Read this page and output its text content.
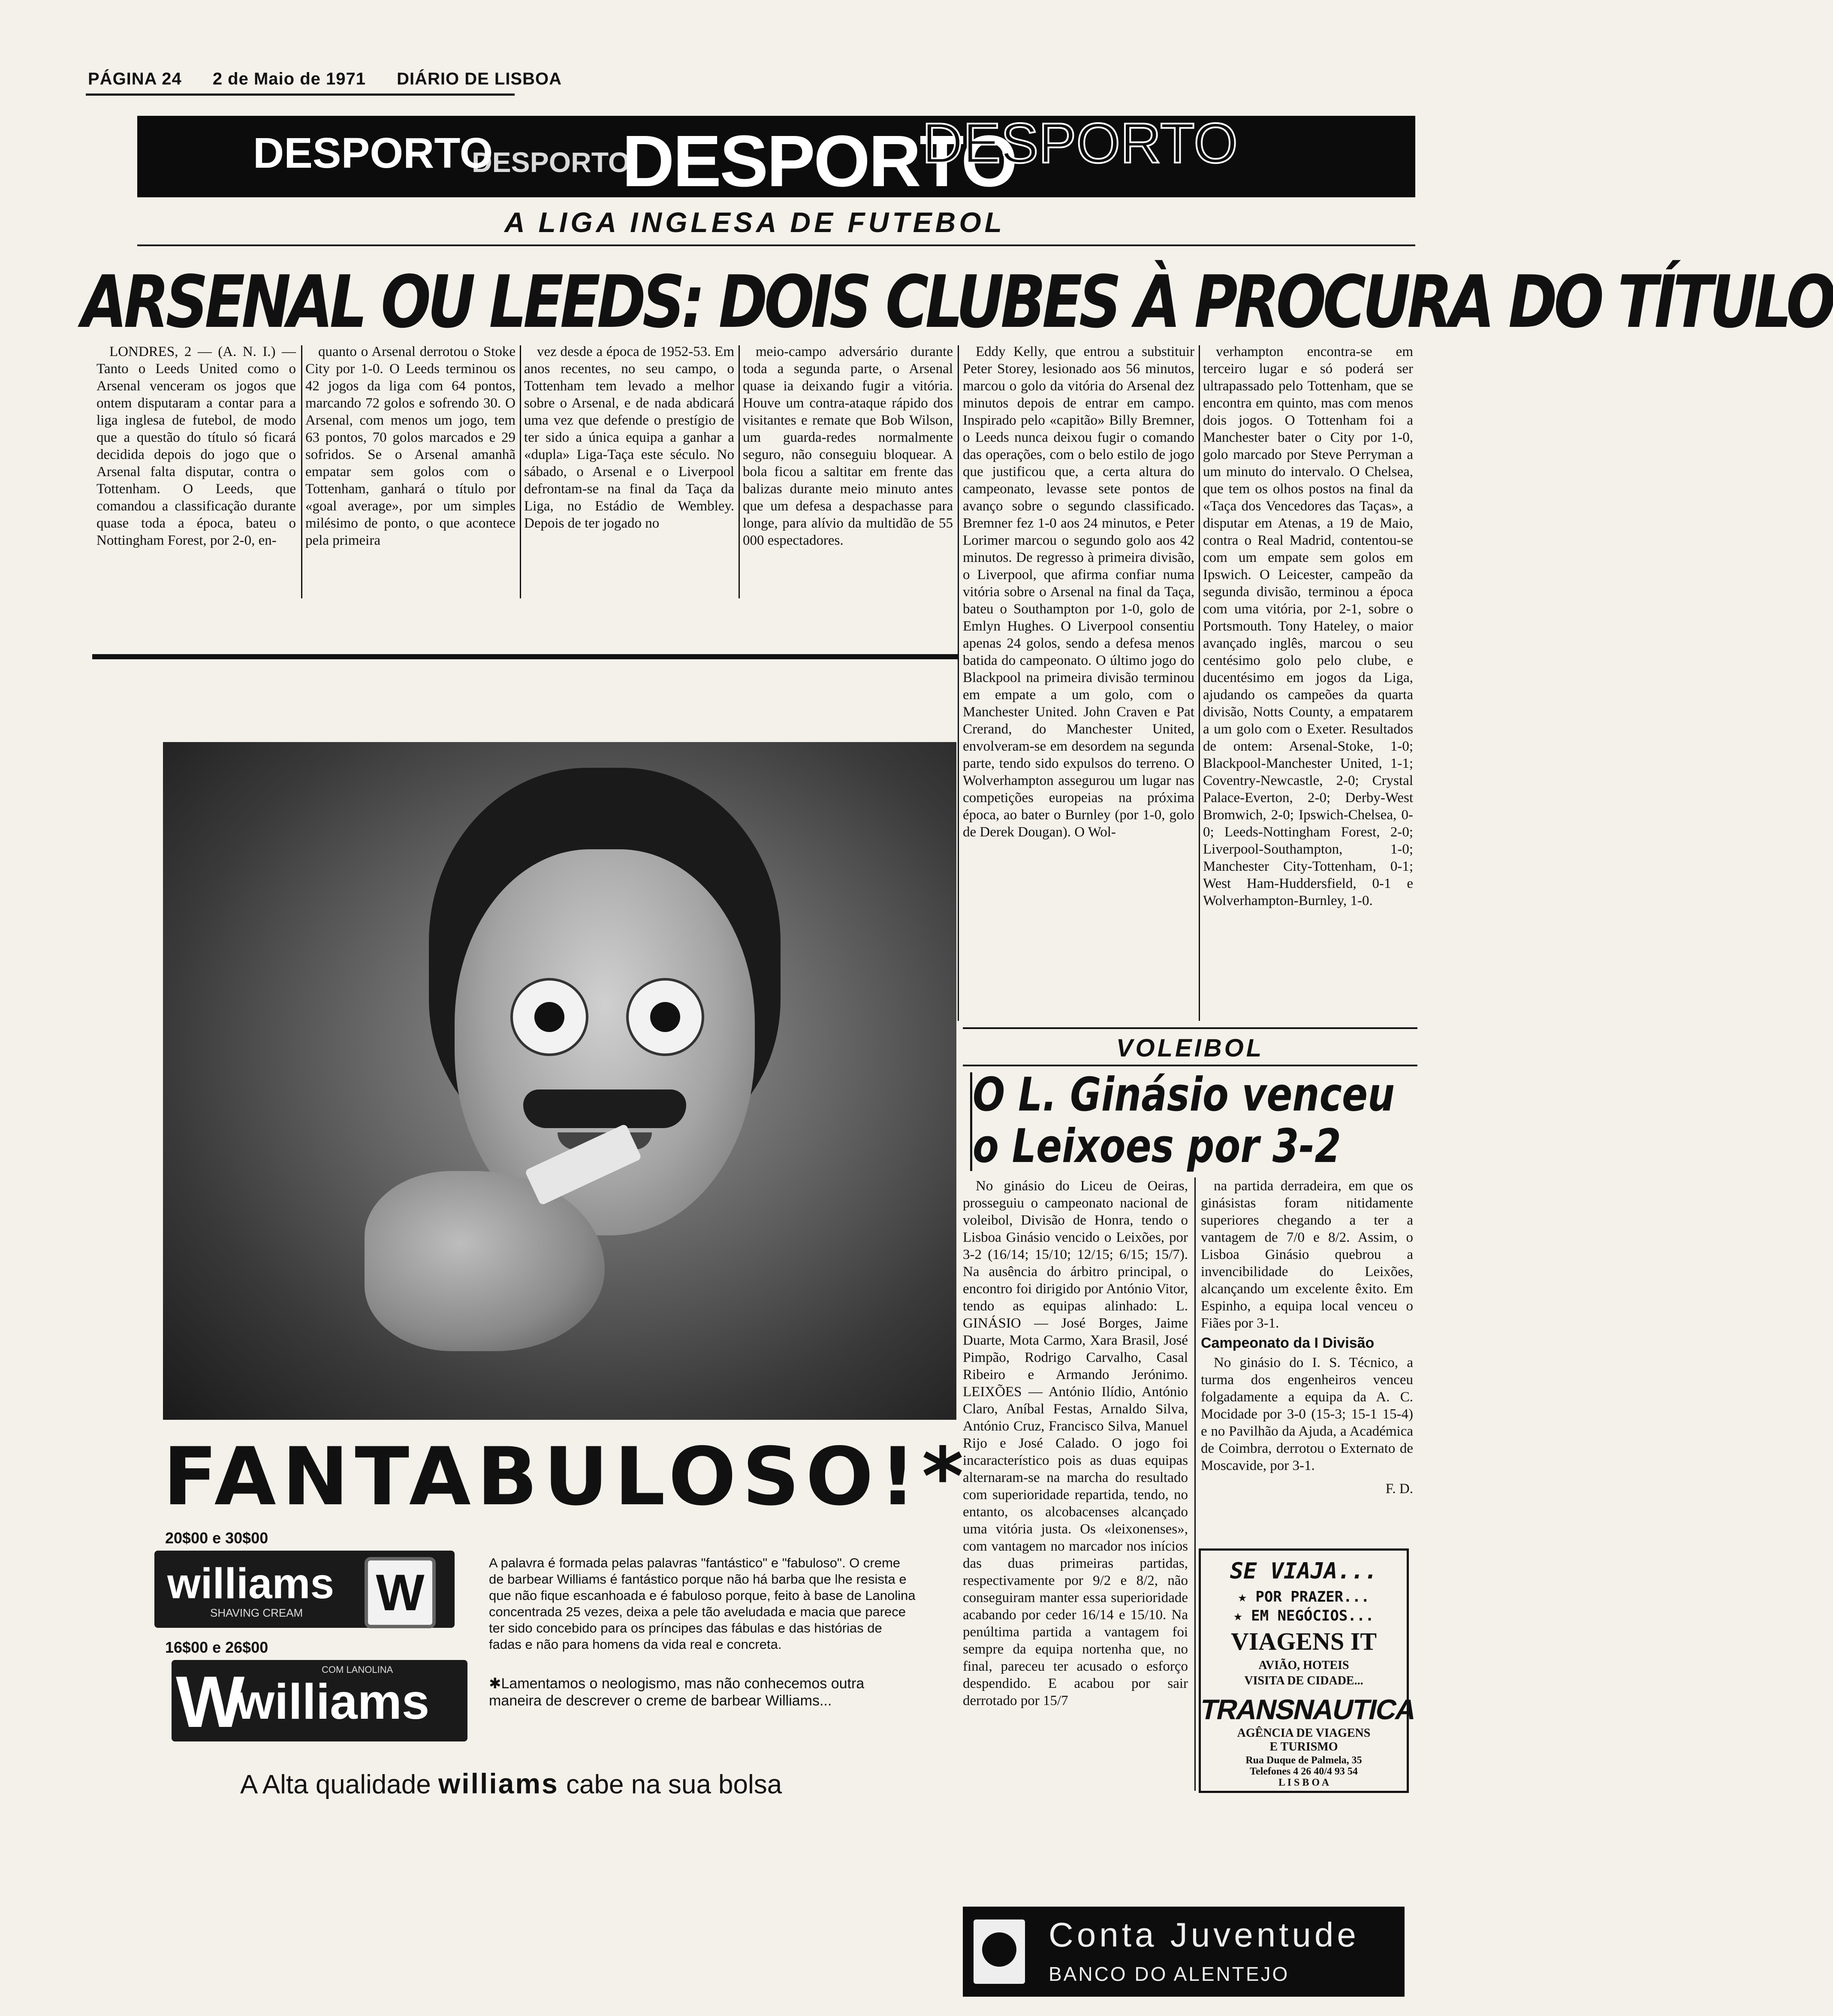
PÁGINA 24 2 de Maio de 1971 DIÁRIO DE LISBOA
DESPORTO
DESPORTO
DESPORTO
DESPORTO
A LIGA INGLESA DE FUTEBOL
ARSENAL OU LEEDS: DOIS CLUBES À PROCURA DO TÍTULO

LONDRES, 2 — (A. N. I.) — Tanto o Leeds United como o Arsenal venceram os jogos que ontem disputaram a contar para a liga inglesa de futebol, de modo que a questão do título só ficará decidida depois do jogo que o Arsenal falta disputar, contra o Tottenham. O Leeds, que comandou a classificação durante quase toda a época, bateu o Nottingham Forest, por 2-0, en-

quanto o Arsenal derrotou o Stoke City por 1-0. O Leeds terminou os 42 jogos da liga com 64 pontos, marcando 72 golos e sofrendo 30. O Arsenal, com menos um jogo, tem 63 pontos, 70 golos marcados e 29 sofridos. Se o Arsenal amanhã empatar sem golos com o Tottenham, ganhará o título por «goal average», por um simples milésimo de ponto, o que acontece pela primeira

vez desde a época de 1952-53. Em anos recentes, no seu campo, o Tottenham tem levado a melhor sobre o Arsenal, e de nada abdicará uma vez que defende o prestígio de ter sido a única equipa a ganhar a «dupla» Liga-Taça este século. No sábado, o Arsenal e o Liverpool defrontam-se na final da Taça da Liga, no Estádio de Wembley. Depois de ter jogado no

meio-campo adversário durante toda a segunda parte, o Arsenal quase ia deixando fugir a vitória. Houve um contra-ataque rápido dos visitantes e remate que Bob Wilson, um guarda-redes normalmente seguro, não conseguiu bloquear. A bola ficou a saltitar em frente das balizas durante meio minuto antes que um defesa a despachasse para longe, para alívio da multidão de 55 000 espectadores.

Eddy Kelly, que entrou a substituir Peter Storey, lesionado aos 56 minutos, marcou o golo da vitória do Arsenal dez minutos depois de entrar em campo. Inspirado pelo «capitão» Billy Bremner, o Leeds nunca deixou fugir o comando das operações, com o belo estilo de jogo que justificou que, a certa altura do campeonato, levasse sete pontos de avanço sobre o segundo classificado. Bremner fez 1-0 aos 24 minutos, e Peter Lorimer marcou o segundo golo aos 42 minutos. De regresso à primeira divisão, o Liverpool, que afirma confiar numa vitória sobre o Arsenal na final da Taça, bateu o Southampton por 1-0, golo de Emlyn Hughes. O Liverpool consentiu apenas 24 golos, sendo a defesa menos batida do campeonato. O último jogo do Blackpool na primeira divisão terminou em empate a um golo, com o Manchester United. John Craven e Pat Crerand, do Manchester United, envolveram-se em desordem na segunda parte, tendo sido expulsos do terreno. O Wolverhampton assegurou um lugar nas competições europeias na próxima época, ao bater o Burnley (por 1-0, golo de Derek Dougan). O Wol-

verhampton encontra-se em terceiro lugar e só poderá ser ultrapassado pelo Tottenham, que se encontra em quinto, mas com menos dois jogos. O Tottenham foi a Manchester bater o City por 1-0, golo marcado por Steve Perryman a um minuto do intervalo. O Chelsea, que tem os olhos postos na final da «Taça dos Vencedores das Taças», a disputar em Atenas, a 19 de Maio, contra o Real Madrid, contentou-se com um empate sem golos em Ipswich. O Leicester, campeão da segunda divisão, terminou a época com uma vitória, por 2-1, sobre o Portsmouth. Tony Hateley, o maior avançado inglês, marcou o seu centésimo golo pelo clube, e ducentésimo em jogos da Liga, ajudando os campeões da quarta divisão, Notts County, a empatarem a um golo com o Exeter. Resultados de ontem: Arsenal-Stoke, 1-0; Blackpool-Manchester United, 1-1; Coventry-Newcastle, 2-0; Crystal Palace-Everton, 2-0; Derby-West Bromwich, 2-0; Ipswich-Chelsea, 0-0; Leeds-Nottingham Forest, 2-0; Liverpool-Southampton, 1-0; Manchester City-Tottenham, 0-1; West Ham-Huddersfield, 0-1 e Wolverhampton-Burnley, 1-0.

FANTABULOSO!*
20$00 e 30$00
williams
SHAVING CREAM W
16$00 e 26$00
W
williams
COM LANOLINA
A palavra é formada pelas palavras "fantástico" e "fabuloso". O creme de barbear Williams é fantástico porque não há barba que lhe resista e que não fique escanhoada e é fabuloso porque, feito à base de Lanolina concentrada 25 vezes, deixa a pele tão aveludada e macia que parece ter sido concebido para os príncipes das fábulas e das histórias de fadas e não para homens da vida real e concreta.
✱Lamentamos o neologismo, mas não conhecemos outra maneira de descrever o creme de barbear Williams...
A Alta qualidade williams cabe na sua bolsa
VOLEIBOL
O L. Ginásio venceu
o Leixoes por 3-2

No ginásio do Liceu de Oeiras, prosseguiu o campeonato nacional de voleibol, Divisão de Honra, tendo o Lisboa Ginásio vencido o Leixões, por 3-2 (16/14; 15/10; 12/15; 6/15; 15/7). Na ausência do árbitro principal, o encontro foi dirigido por António Vitor, tendo as equipas alinhado: L. GINÁSIO — José Borges, Jaime Duarte, Mota Carmo, Xara Brasil, José Pimpão, Rodrigo Carvalho, Casal Ribeiro e Armando Jerónimo. LEIXÕES — António Ilídio, António Claro, Aníbal Festas, Arnaldo Silva, António Cruz, Francisco Silva, Manuel Rijo e José Calado. O jogo foi incaracterístico pois as duas equipas alternaram-se na marcha do resultado com superioridade repartida, tendo, no entanto, os alcobacenses alcançado uma vitória justa. Os «leixonenses», com vantagem no marcador nos inícios das duas primeiras partidas, respectivamente por 9/2 e 8/2, não conseguiram manter essa superioridade acabando por ceder 16/14 e 15/10. Na penúltima partida a vantagem foi sempre da equipa nortenha que, no final, pareceu ter acusado o esforço despendido. E acabou por sair derrotado por 15/7

na partida derradeira, em que os ginásistas foram nitidamente superiores chegando a ter a vantagem de 7/0 e 8/2. Assim, o Lisboa Ginásio quebrou a invencibilidade do Leixões, alcançando um excelente êxito. Em Espinho, a equipa local venceu o Fiães por 3-1.

Campeonato da I Divisão

No ginásio do I. S. Técnico, a turma dos engenheiros venceu folgadamente a equipa da A. C. Mocidade por 3-0 (15-3; 15-1 15-4) e no Pavilhão da Ajuda, a Académica de Coimbra, derrotou o Externato de Moscavide, por 3-1.

F. D.
SE VIAJA...
★ POR PRAZER...
★ EM NEGÓCIOS...
VIAGENS IT
AVIÃO, HOTEIS
VISITA DE CIDADE...
TRANSNAUTICA
AGÊNCIA DE VIAGENS
E TURISMO
Rua Duque de Palmela, 35
Telefones 4 26 40/4 93 54
L I S B O A
Conta Juventude
BANCO DO ALENTEJO
